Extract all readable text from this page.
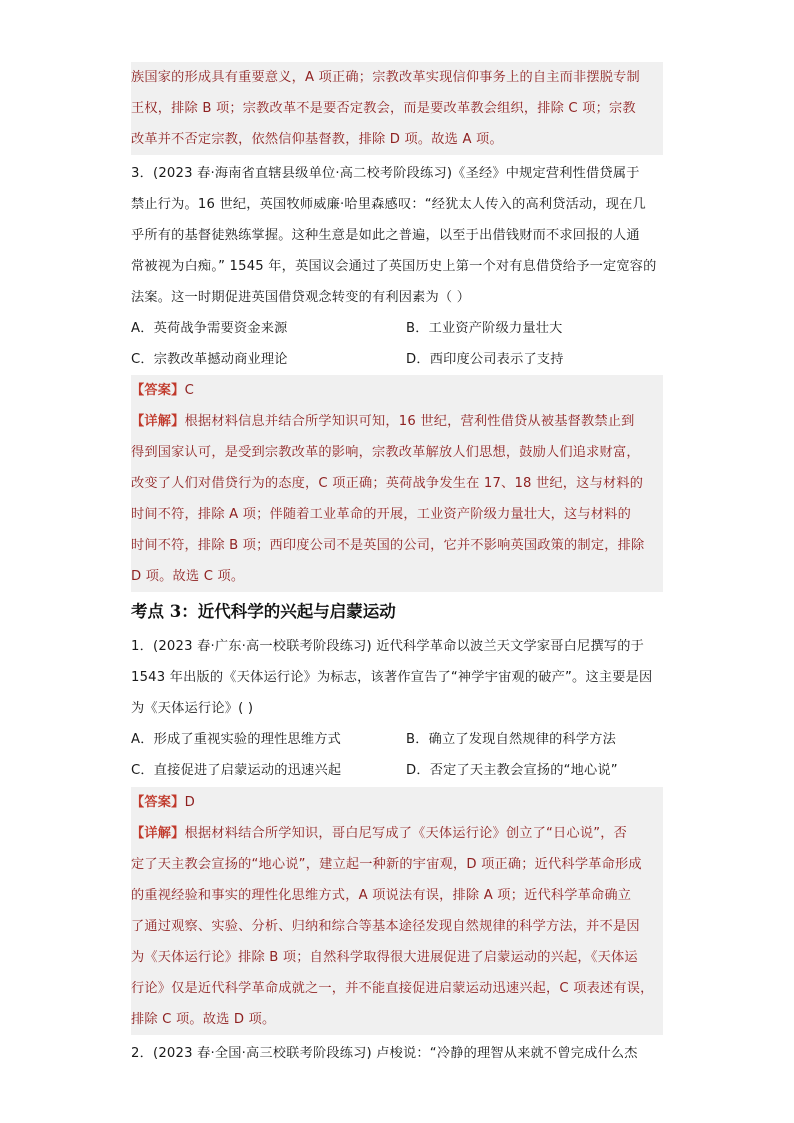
族国家的形成具有重要意义，A 项正确；宗教改革实现信仰事务上的自主而非摆脱专制
王权，排除 B 项；宗教改革不是要否定教会，而是要改革教会组织，排除 C 项；宗教
改革并不否定宗教，依然信仰基督教，排除 D 项。故选 A 项。
3．(2023 春·海南省直辖县级单位·高二校考阶段练习)《圣经》中规定营利性借贷属于
禁止行为。16 世纪，英国牧师威廉·哈里森感叹：“经犹太人传入的高利贷活动，现在几
乎所有的基督徒熟练掌握。这种生意是如此之普遍，以至于出借钱财而不求回报的人通
常被视为白痴。” 1545 年，英国议会通过了英国历史上第一个对有息借贷给予一定宽容的
法案。这一时期促进英国借贷观念转变的有利因素为（ ）
A．英荷战争需要资金来源	B．工业资产阶级力量壮大
C．宗教改革撼动商业理论	D．西印度公司表示了支持
【答案】C
【详解】根据材料信息并结合所学知识可知，16 世纪，营利性借贷从被基督教禁止到
得到国家认可，是受到宗教改革的影响，宗教改革解放人们思想，鼓励人们追求财富，
改变了人们对借贷行为的态度，C 项正确；英荷战争发生在 17、18 世纪，这与材料的
时间不符，排除 A 项；伴随着工业革命的开展，工业资产阶级力量壮大，这与材料的
时间不符，排除 B 项；西印度公司不是英国的公司，它并不影响英国政策的制定，排除
D 项。故选 C 项。
考点 3：近代科学的兴起与启蒙运动
1．(2023 春·广东·高一校联考阶段练习) 近代科学革命以波兰天文学家哥白尼撰写的于
1543 年出版的《天体运行论》为标志，该著作宣告了“神学宇宙观的破产”。这主要是因
为《天体运行论》( )
A．形成了重视实验的理性思维方式	B．确立了发现自然规律的科学方法
C．直接促进了启蒙运动的迅速兴起	D．否定了天主教会宣扬的“地心说”
【答案】D
【详解】根据材料结合所学知识，哥白尼写成了《天体运行论》创立了“日心说”，否
定了天主教会宣扬的“地心说”，建立起一种新的宇宙观，D 项正确；近代科学革命形成
的重视经验和事实的理性化思维方式，A 项说法有误，排除 A 项；近代科学革命确立
了通过观察、实验、分析、归纳和综合等基本途径发现自然规律的科学方法，并不是因
为《天体运行论》排除 B 项；自然科学取得很大进展促进了启蒙运动的兴起，《天体运
行论》仅是近代科学革命成就之一，并不能直接促进启蒙运动迅速兴起，C 项表述有误，
排除 C 项。故选 D 项。
2．(2023 春·全国·高三校联考阶段练习) 卢梭说：“冷静的理智从来就不曾完成什么杰
